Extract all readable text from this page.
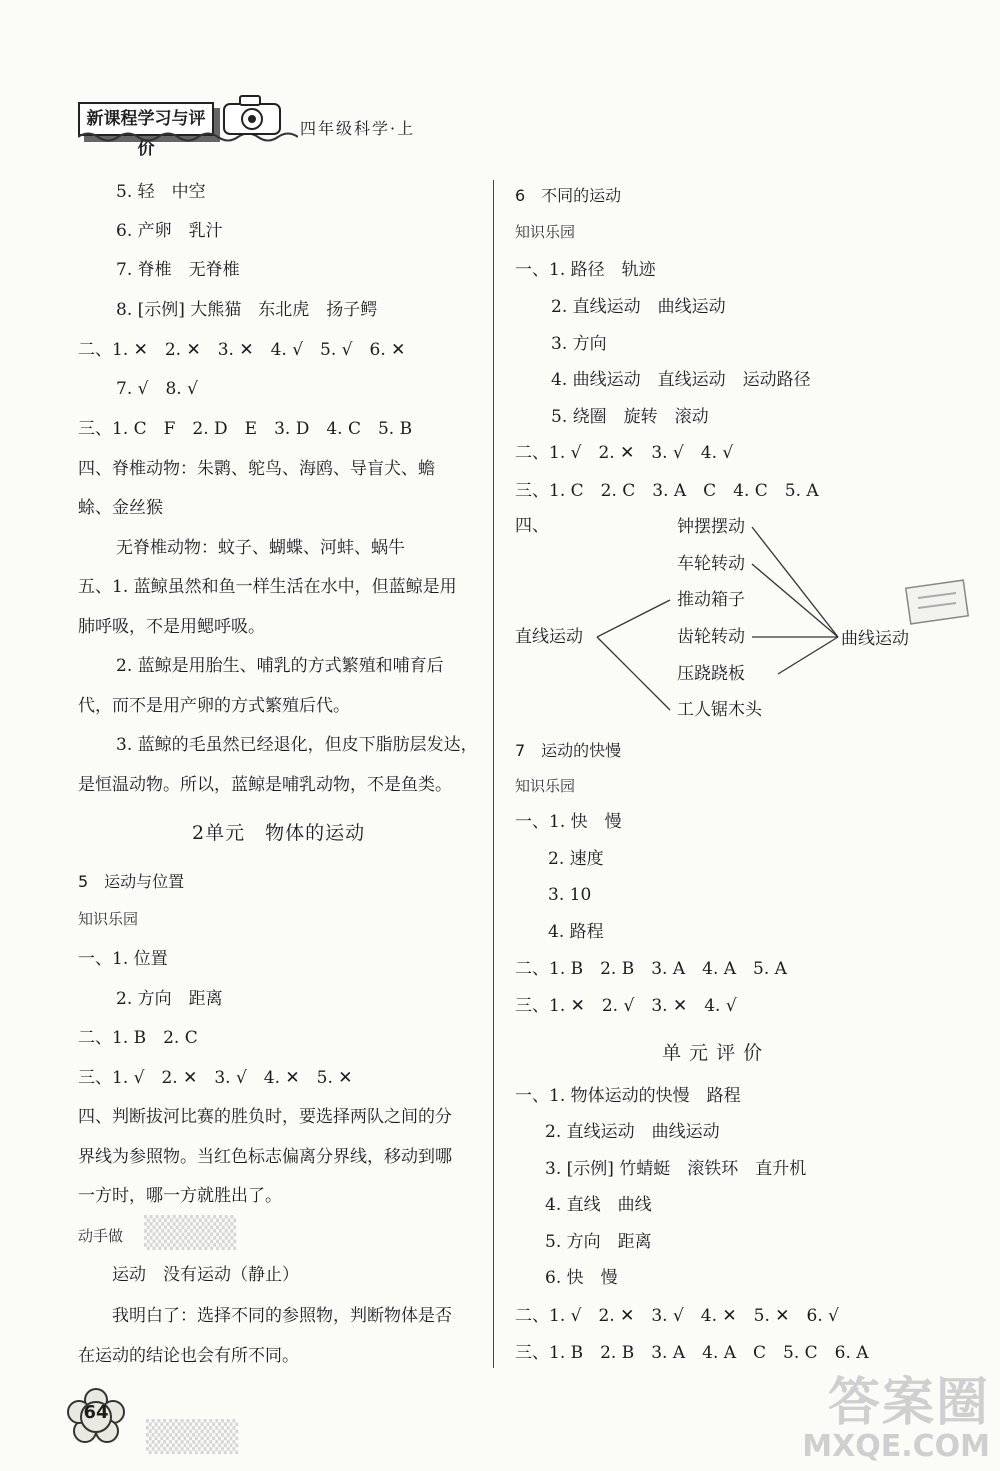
新课程学习与评价
四年级科学·上
5. 轻　中空
6. 产卵　乳汁
7. 脊椎　无脊椎
8. [示例] 大熊猫　东北虎　扬子鳄
二、1. ✕　2. ✕　3. ✕　4. √　5. √　6. ✕
7. √　8. √
三、1. C　F　2. D　E　3. D　4. C　5. B
四、脊椎动物：朱鹮、鸵鸟、海鸥、导盲犬、蟾
蜍、金丝猴
无脊椎动物：蚊子、蝴蝶、河蚌、蜗牛
五、1. 蓝鲸虽然和鱼一样生活在水中，但蓝鲸是用
肺呼吸，不是用鳃呼吸。
2. 蓝鲸是用胎生、哺乳的方式繁殖和哺育后
代，而不是用产卵的方式繁殖后代。
3. 蓝鲸的毛虽然已经退化，但皮下脂肪层发达，
是恒温动物。所以，蓝鲸是哺乳动物，不是鱼类。
2单元　物体的运动
5　运动与位置
知识乐园
一、1. 位置
2. 方向　距离
二、1. B　2. C
三、1. √　2. ✕　3. √　4. ✕　5. ✕
四、判断拔河比赛的胜负时，要选择两队之间的分
界线为参照物。当红色标志偏离分界线，移动到哪
一方时，哪一方就胜出了。
动手做 ▒▒▒▒
运动　没有运动（静止）
我明白了：选择不同的参照物，判断物体是否
在运动的结论也会有所不同。
64
▒▒▒▒
6　不同的运动
知识乐园
一、1. 路径　轨迹
2. 直线运动　曲线运动
3. 方向
4. 曲线运动　直线运动　运动路径
5. 绕圈　旋转　滚动
二、1. √　2. ✕　3. √　4. √
三、1. C　2. C　3. A　C　4. C　5. A
四、
直线运动	曲线运动
钟摆摆动
车轮转动
推动箱子
齿轮转动
压跷跷板
工人锯木头
7　运动的快慢
知识乐园
一、1. 快　慢
2. 速度
3. 10
4. 路程
二、1. B　2. B　3. A　4. A　5. A
三、1. ✕　2. √　3. ✕　4. √
单 元 评 价
一、1. 物体运动的快慢　路程
2. 直线运动　曲线运动
3. [示例] 竹蜻蜓　滚铁环　直升机
4. 直线　曲线
5. 方向　距离
6. 快　慢
二、1. √　2. ✕　3. √　4. ✕　5. ✕　6. √
三、1. B　2. B　3. A　4. A　C　5. C　6. A
答案圈
MXQE.COM
